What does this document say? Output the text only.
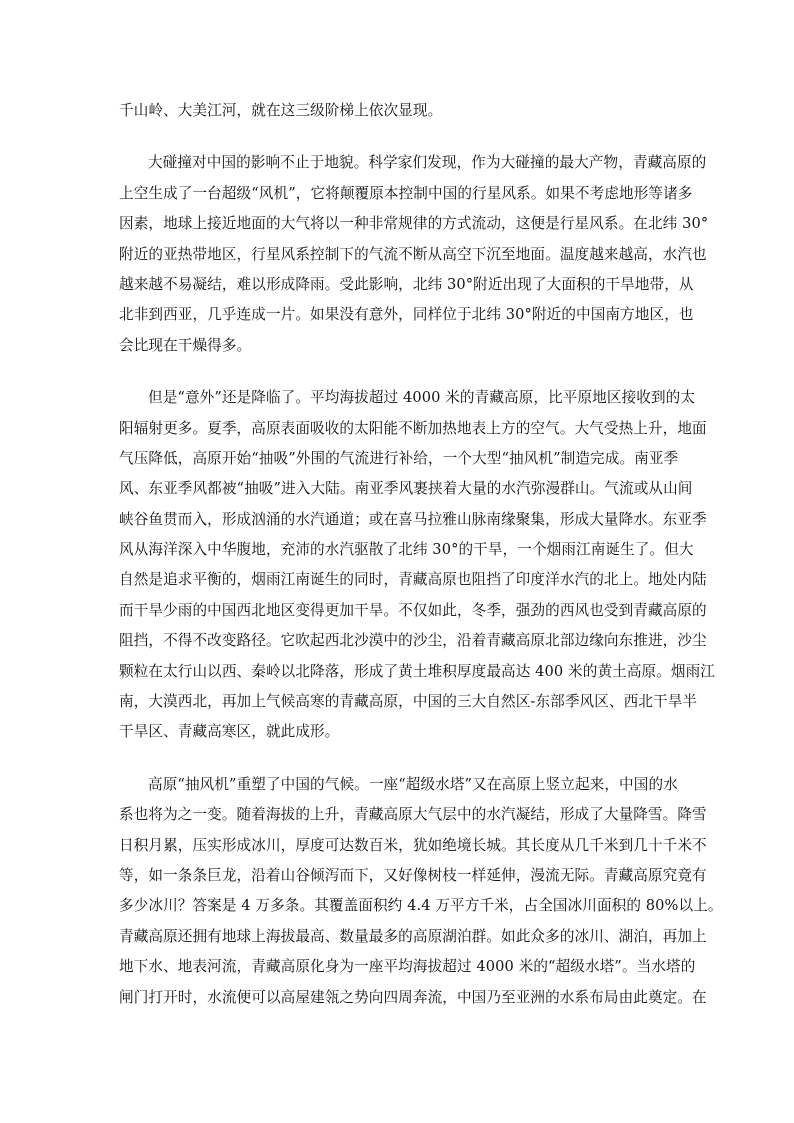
千山岭、大美江河，就在这三级阶梯上依次显现。
大碰撞对中国的影响不止于地貌。科学家们发现，作为大碰撞的最大产物，青藏高原的
上空生成了一台超级“风机”，它将颠覆原本控制中国的行星风系。如果不考虑地形等诸多
因素，地球上接近地面的大气将以一种非常规律的方式流动，这便是行星风系。在北纬 30°
附近的亚热带地区，行星风系控制下的气流不断从高空下沉至地面。温度越来越高，水汽也
越来越不易凝结，难以形成降雨。受此影响，北纬 30°附近出现了大面积的干旱地带，从
北非到西亚，几乎连成一片。如果没有意外，同样位于北纬 30°附近的中国南方地区，也
会比现在干燥得多。
但是“意外”还是降临了。平均海拔超过 4000 米的青藏高原，比平原地区接收到的太
阳辐射更多。夏季，高原表面吸收的太阳能不断加热地表上方的空气。大气受热上升，地面
气压降低，高原开始“抽吸”外围的气流进行补给，一个大型“抽风机”制造完成。南亚季
风、东亚季风都被“抽吸”进入大陆。南亚季风裹挟着大量的水汽弥漫群山。气流或从山间
峡谷鱼贯而入，形成汹涌的水汽通道；或在喜马拉雅山脉南缘聚集，形成大量降水。东亚季
风从海洋深入中华腹地，充沛的水汽驱散了北纬 30°的干旱，一个烟雨江南诞生了。但大
自然是追求平衡的，烟雨江南诞生的同时，青藏高原也阻挡了印度洋水汽的北上。地处内陆
而干旱少雨的中国西北地区变得更加干旱。不仅如此，冬季，强劲的西风也受到青藏高原的
阻挡，不得不改变路径。它吹起西北沙漠中的沙尘，沿着青藏高原北部边缘向东推进，沙尘
颗粒在太行山以西、秦岭以北降落，形成了黄土堆积厚度最高达 400 米的黄土高原。烟雨江
南，大漠西北，再加上气候高寒的青藏高原，中国的三大自然区-东部季风区、西北干旱半
干旱区、青藏高寒区，就此成形。
高原“抽风机”重塑了中国的气候。一座“超级水塔”又在高原上竖立起来，中国的水
系也将为之一变。随着海拔的上升，青藏高原大气层中的水汽凝结，形成了大量降雪。降雪
日积月累，压实形成冰川，厚度可达数百米，犹如绝境长城。其长度从几千米到几十千米不
等，如一条条巨龙，沿着山谷倾泻而下，又好像树枝一样延伸，漫流无际。青藏高原究竟有
多少冰川？答案是 4 万多条。其覆盖面积约 4.4 万平方千米，占全国冰川面积的 80%以上。
青藏高原还拥有地球上海拔最高、数量最多的高原湖泊群。如此众多的冰川、湖泊，再加上
地下水、地表河流，青藏高原化身为一座平均海拔超过 4000 米的“超级水塔”。当水塔的
闸门打开时，水流便可以高屋建瓴之势向四周奔流，中国乃至亚洲的水系布局由此奠定。在
